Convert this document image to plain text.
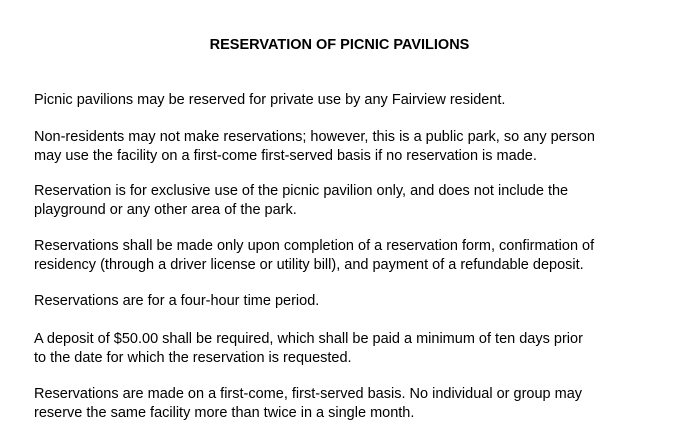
RESERVATION OF PICNIC PAVILIONS

Picnic pavilions may be reserved for private use by any Fairview resident.

Non-residents may not make reservations; however, this is a public park, so any person
may use the facility on a first-come first-served basis if no reservation is made.

Reservation is for exclusive use of the picnic pavilion only, and does not include the
playground or any other area of the park.

Reservations shall be made only upon completion of a reservation form, confirmation of
residency (through a driver license or utility bill), and payment of a refundable deposit.

Reservations are for a four-hour time period.

A deposit of $50.00 shall be required, which shall be paid a minimum of ten days prior
to the date for which the reservation is requested.

Reservations are made on a first-come, first-served basis. No individual or group may
reserve the same facility more than twice in a single month.
